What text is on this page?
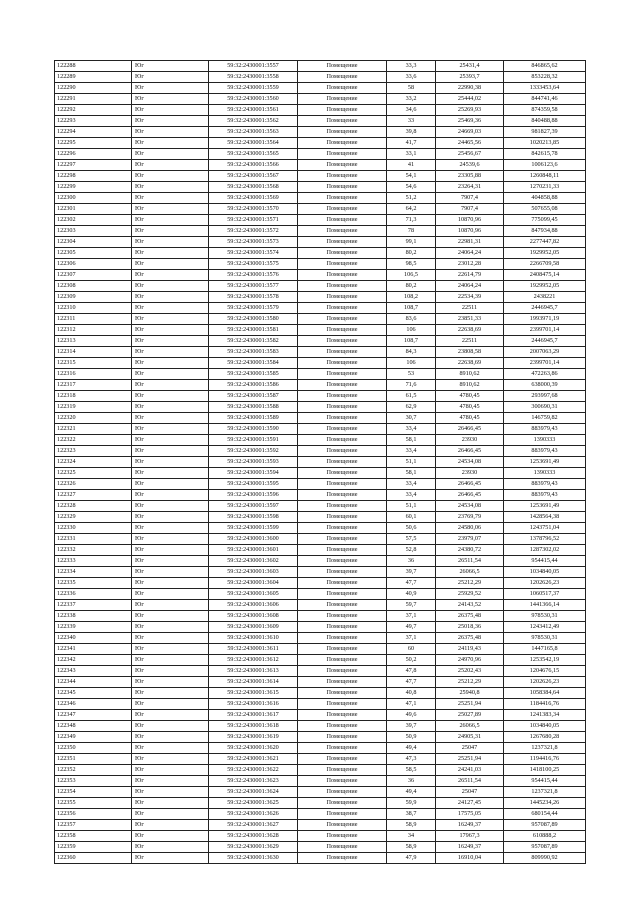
122288	Юг	59:32:2430001:3557	Помещение	33,3	25431,4	846865,62
122289	Юг	59:32:2430001:3558	Помещение	33,6	25393,7	853228,32
122290	Юг	59:32:2430001:3559	Помещение	58	22990,38	1333453,64
122291	Юг	59:32:2430001:3560	Помещение	33,2	25444,02	844741,46
122292	Юг	59:32:2430001:3561	Помещение	34,6	25269,93	874359,58
122293	Юг	59:32:2430001:3562	Помещение	33	25469,36	840488,88
122294	Юг	59:32:2430001:3563	Помещение	39,8	24669,03	981827,39
122295	Юг	59:32:2430001:3564	Помещение	41,7	24465,56	1020213,85
122296	Юг	59:32:2430001:3565	Помещение	33,1	25456,67	842615,78
122297	Юг	59:32:2430001:3566	Помещение	41	24539,6	1006123,6
122298	Юг	59:32:2430001:3567	Помещение	54,1	23305,88	1260848,11
122299	Юг	59:32:2430001:3568	Помещение	54,6	23264,31	1270231,33
122300	Юг	59:32:2430001:3569	Помещение	51,2	7907,4	404858,88
122301	Юг	59:32:2430001:3570	Помещение	64,2	7907,4	507655,08
122302	Юг	59:32:2430001:3571	Помещение	71,3	10870,96	775099,45
122303	Юг	59:32:2430001:3572	Помещение	78	10870,96	847934,88
122304	Юг	59:32:2430001:3573	Помещение	99,1	22981,31	2277447,82
122305	Юг	59:32:2430001:3574	Помещение	80,2	24064,24	1929952,05
122306	Юг	59:32:2430001:3575	Помещение	98,5	23012,28	2266709,58
122307	Юг	59:32:2430001:3576	Помещение	106,5	22614,79	2408475,14
122308	Юг	59:32:2430001:3577	Помещение	80,2	24064,24	1929952,05
122309	Юг	59:32:2430001:3578	Помещение	108,2	22534,39	2438221
122310	Юг	59:32:2430001:3579	Помещение	108,7	22511	2446945,7
122311	Юг	59:32:2430001:3580	Помещение	83,6	23851,33	1993971,19
122312	Юг	59:32:2430001:3581	Помещение	106	22638,69	2399701,14
122313	Юг	59:32:2430001:3582	Помещение	108,7	22511	2446945,7
122314	Юг	59:32:2430001:3583	Помещение	84,3	23808,58	2007063,29
122315	Юг	59:32:2430001:3584	Помещение	106	22638,69	2399701,14
122316	Юг	59:32:2430001:3585	Помещение	53	8910,62	472263,86
122317	Юг	59:32:2430001:3586	Помещение	71,6	8910,62	638000,39
122318	Юг	59:32:2430001:3587	Помещение	61,5	4780,45	293997,68
122319	Юг	59:32:2430001:3588	Помещение	62,9	4780,45	300690,31
122320	Юг	59:32:2430001:3589	Помещение	30,7	4780,45	146759,82
122321	Юг	59:32:2430001:3590	Помещение	33,4	26466,45	883979,43
122322	Юг	59:32:2430001:3591	Помещение	58,1	23930	1390333
122323	Юг	59:32:2430001:3592	Помещение	33,4	26466,45	883979,43
122324	Юг	59:32:2430001:3593	Помещение	51,1	24534,08	1253691,49
122325	Юг	59:32:2430001:3594	Помещение	58,1	23930	1390333
122326	Юг	59:32:2430001:3595	Помещение	33,4	26466,45	883979,43
122327	Юг	59:32:2430001:3596	Помещение	33,4	26466,45	883979,43
122328	Юг	59:32:2430001:3597	Помещение	51,1	24534,08	1253691,49
122329	Юг	59:32:2430001:3598	Помещение	60,1	23769,79	1428564,38
122330	Юг	59:32:2430001:3599	Помещение	50,6	24580,06	1243751,04
122331	Юг	59:32:2430001:3600	Помещение	57,5	23979,07	1378796,52
122332	Юг	59:32:2430001:3601	Помещение	52,8	24380,72	1287302,02
122333	Юг	59:32:2430001:3602	Помещение	36	26511,54	954415,44
122334	Юг	59:32:2430001:3603	Помещение	39,7	26066,5	1034840,05
122335	Юг	59:32:2430001:3604	Помещение	47,7	25212,29	1202626,23
122336	Юг	59:32:2430001:3605	Помещение	40,9	25929,52	1060517,37
122337	Юг	59:32:2430001:3606	Помещение	59,7	24143,52	1441366,14
122338	Юг	59:32:2430001:3608	Помещение	37,1	26375,48	978530,31
122339	Юг	59:32:2430001:3609	Помещение	49,7	25018,36	1243412,49
122340	Юг	59:32:2430001:3610	Помещение	37,1	26375,48	978530,31
122341	Юг	59:32:2430001:3611	Помещение	60	24119,43	1447165,8
122342	Юг	59:32:2430001:3612	Помещение	50,2	24970,96	1253542,19
122343	Юг	59:32:2430001:3613	Помещение	47,8	25202,43	1204676,15
122344	Юг	59:32:2430001:3614	Помещение	47,7	25212,29	1202626,23
122345	Юг	59:32:2430001:3615	Помещение	40,8	25940,8	1058384,64
122346	Юг	59:32:2430001:3616	Помещение	47,1	25251,94	1184416,76
122347	Юг	59:32:2430001:3617	Помещение	49,6	25027,89	1241383,34
122348	Юг	59:32:2430001:3618	Помещение	39,7	26066,5	1034840,05
122349	Юг	59:32:2430001:3619	Помещение	50,9	24905,31	1267680,28
122350	Юг	59:32:2430001:3620	Помещение	49,4	25047	1237321,8
122351	Юг	59:32:2430001:3621	Помещение	47,3	25251,94	1194416,76
122352	Юг	59:32:2430001:3622	Помещение	58,5	24241,03	1418100,25
122353	Юг	59:32:2430001:3623	Помещение	36	26511,54	954415,44
122354	Юг	59:32:2430001:3624	Помещение	49,4	25047	1237321,8
122355	Юг	59:32:2430001:3625	Помещение	59,9	24127,45	1445234,26
122356	Юг	59:32:2430001:3626	Помещение	38,7	17575,05	680154,44
122357	Юг	59:32:2430001:3627	Помещение	58,9	16249,37	957087,89
122358	Юг	59:32:2430001:3628	Помещение	34	17967,3	610888,2
122359	Юг	59:32:2430001:3629	Помещение	58,9	16249,37	957087,89
122360	Юг	59:32:2430001:3630	Помещение	47,9	16910,04	809990,92
